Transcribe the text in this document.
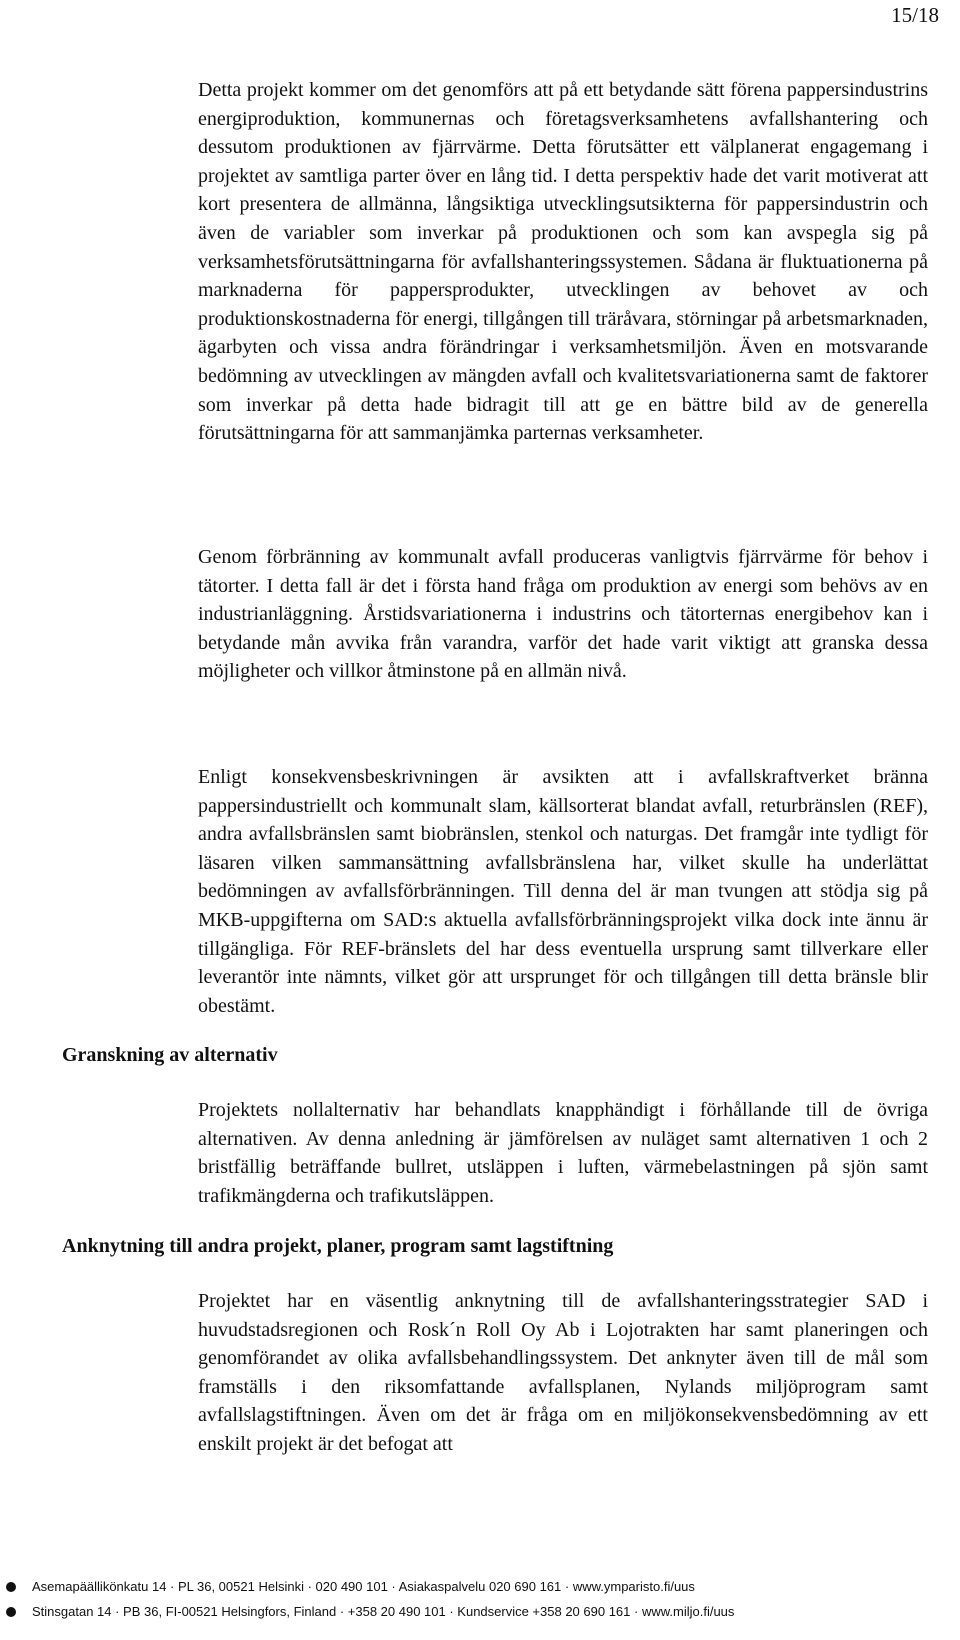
15/18

Detta projekt kommer om det genomförs att på ett betydande sätt förena pappersindustrins energiproduktion, kommunernas och företagsverksamhetens avfallshantering och dessutom produktionen av fjärrvärme. Detta förutsätter ett välplanerat engagemang i projektet av samtliga parter över en lång tid. I detta perspektiv hade det varit motiverat att kort presentera de allmänna, långsiktiga utvecklingsutsikterna för pappersindustrin och även de variabler som inverkar på produktionen och som kan avspegla sig på verksamhetsförutsättningarna för avfallshanteringssystemen. Sådana är fluktuationerna på marknaderna för pappersprodukter, utvecklingen av behovet av och produktionskostnaderna för energi, tillgången till träråvara, störningar på arbetsmarknaden, ägarbyten och vissa andra förändringar i verksamhetsmiljön. Även en motsvarande bedömning av utvecklingen av mängden avfall och kvalitetsvariationerna samt de faktorer som inverkar på detta hade bidragit till att ge en bättre bild av de generella förutsättningarna för att sammanjämka parternas verksamheter.

Genom förbränning av kommunalt avfall produceras vanligtvis fjärrvärme för behov i tätorter. I detta fall är det i första hand fråga om produktion av energi som behövs av en industrianläggning. Årstidsvariationerna i industrins och tätorternas energibehov kan i betydande mån avvika från varandra, varför det hade varit viktigt att granska dessa möjligheter och villkor åtminstone på en allmän nivå.

Enligt konsekvensbeskrivningen är avsikten att i avfallskraftverket bränna pappersindustriellt och kommunalt slam, källsorterat blandat avfall, returbränslen (REF), andra avfallsbränslen samt biobränslen, stenkol och naturgas. Det framgår inte tydligt för läsaren vilken sammansättning avfallsbränslena har, vilket skulle ha underlättat bedömningen av avfallsförbränningen. Till denna del är man tvungen att stödja sig på MKB-uppgifterna om SAD:s aktuella avfallsförbränningsprojekt vilka dock inte ännu är tillgängliga. För REF-bränslets del har dess eventuella ursprung samt tillverkare eller leverantör inte nämnts, vilket gör att ursprunget för och tillgången till detta bränsle blir obestämt.

Granskning av alternativ

Projektets nollalternativ har behandlats knapphändigt i förhållande till de övriga alternativen. Av denna anledning är jämförelsen av nuläget samt alternativen 1 och 2 bristfällig beträffande bullret, utsläppen i luften, värmebelastningen på sjön samt trafikmängderna och trafikutsläppen.

Anknytning till andra projekt, planer, program samt lagstiftning

Projektet har en väsentlig anknytning till de avfallshanteringsstrategier SAD i huvudstadsregionen och Rosk´n Roll Oy Ab i Lojotrakten har samt planeringen och genomförandet av olika avfallsbehandlingssystem. Det anknyter även till de mål som framställs i den riksomfattande avfallsplanen, Nylands miljöprogram samt avfallslagstiftningen. Även om det är fråga om en miljökonsekvensbedömning av ett enskilt projekt är det befogat att

Asemapäällikönkatu 14 · PL 36, 00521 Helsinki · 020 490 101 · Asiakaspalvelu 020 690 161 · www.ymparisto.fi/uus
Stinsgatan 14 · PB 36, FI-00521 Helsingfors, Finland · +358 20 490 101 · Kundservice +358 20 690 161 · www.miljo.fi/uus
